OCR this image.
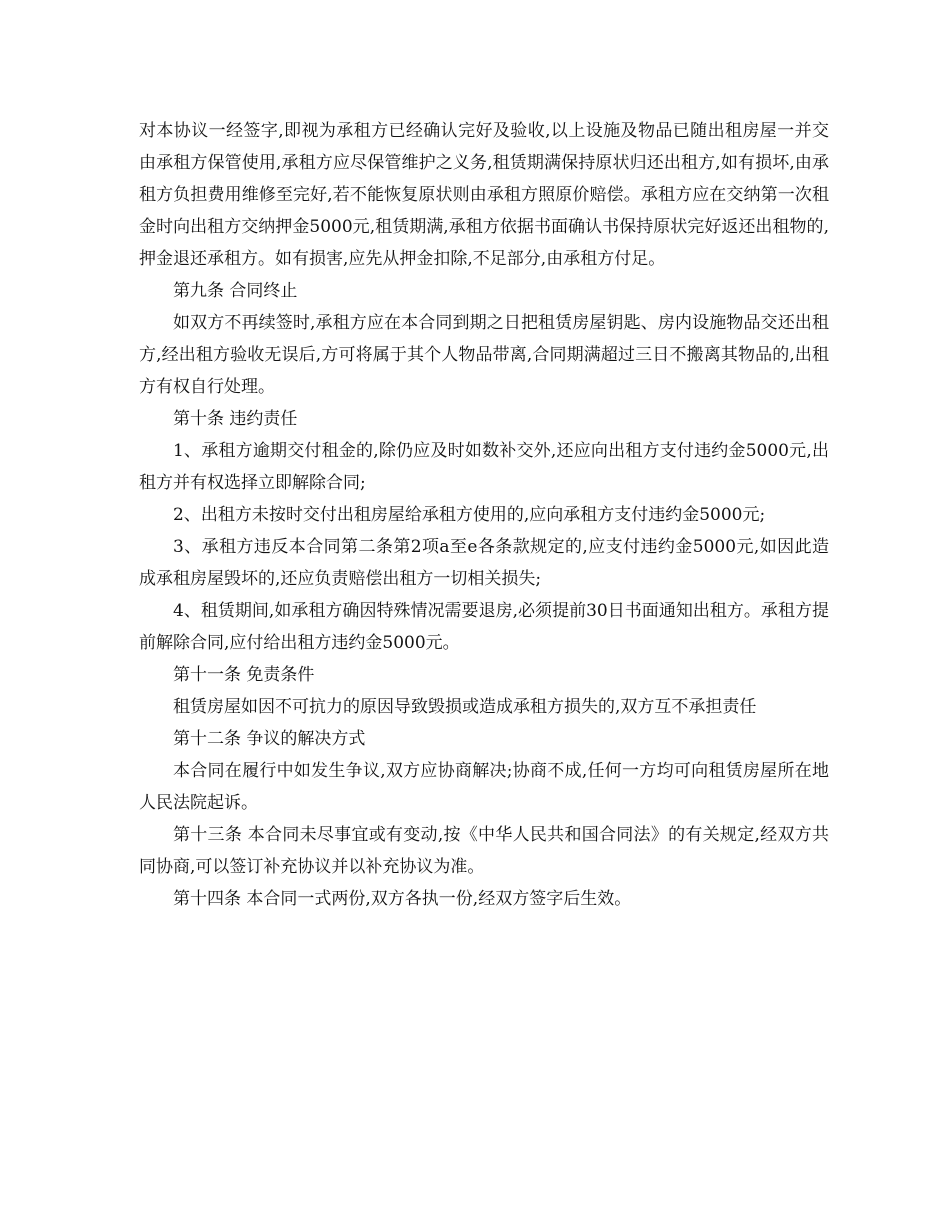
对本协议一经签字,即视为承租方已经确认完好及验收,以上设施及物品已随出租房屋一并交由承租方保管使用,承租方应尽保管维护之义务,租赁期满保持原状归还出租方,如有损坏,由承租方负担费用维修至完好,若不能恢复原状则由承租方照原价赔偿。承租方应在交纳第一次租金时向出租方交纳押金5000元,租赁期满,承租方依据书面确认书保持原状完好返还出租物的, 押金退还承租方。如有损害,应先从押金扣除,不足部分,由承租方付足。

第九条 合同终止

如双方不再续签时,承租方应在本合同到期之日把租赁房屋钥匙、房内设施物品交还出租方,经出租方验收无误后,方可将属于其个人物品带离,合同期满超过三日不搬离其物品的,出租方有权自行处理。

第十条 违约责任

1、承租方逾期交付租金的,除仍应及时如数补交外,还应向出租方支付违约金5000元,出租方并有权选择立即解除合同;

2、出租方未按时交付出租房屋给承租方使用的,应向承租方支付违约金5000元;

3、承租方违反本合同第二条第2项a至e各条款规定的,应支付违约金5000元,如因此造成承租房屋毁坏的,还应负责赔偿出租方一切相关损失;

4、租赁期间,如承租方确因特殊情况需要退房,必须提前30日书面通知出租方。承租方提前解除合同,应付给出租方违约金5000元。

第十一条 免责条件

租赁房屋如因不可抗力的原因导致毁损或造成承租方损失的,双方互不承担责任

第十二条 争议的解决方式

本合同在履行中如发生争议,双方应协商解决;协商不成,任何一方均可向租赁房屋所在地人民法院起诉。

第十三条 本合同未尽事宜或有变动,按《中华人民共和国合同法》的有关规定,经双方共同协商,可以签订补充协议并以补充协议为准。

第十四条 本合同一式两份,双方各执一份,经双方签字后生效。
